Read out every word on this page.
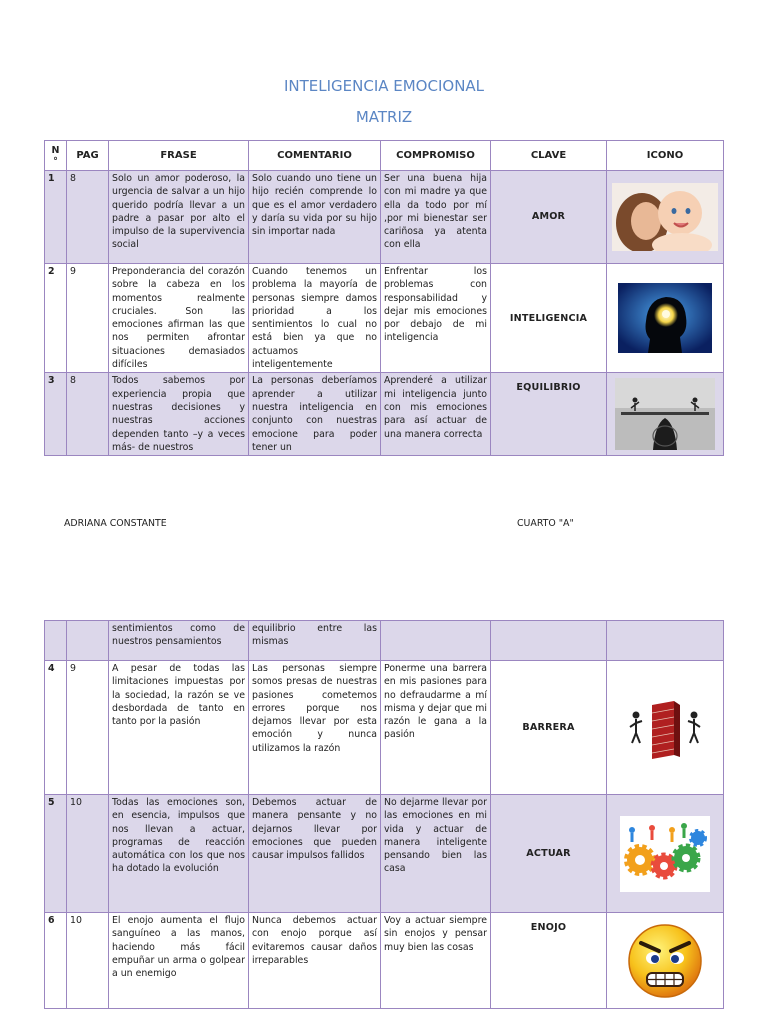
INTELIGENCIA EMOCIONAL
MATRIZ
N
°	PAG	FRASE	COMENTARIO	COMPROMISO	CLAVE	ICONO
1	8	Solo un amor poderoso, la urgencia de salvar a un hijo querido podría llevar a un padre a pasar por alto el impulso de la supervivencia social	Solo cuando uno tiene un hijo recién comprende lo que es el amor verdadero y daría su vida por su hijo sin importar nada	Ser una buena hija con mi madre ya que ella da todo por mí ,por mi bienestar ser cariñosa ya atenta con ella	AMOR	

2	9	Preponderancia del corazón sobre la cabeza en los momentos realmente cruciales. Son las emociones afirman las que nos permiten afrontar situaciones demasiados difíciles	Cuando tenemos un problema la mayoría de personas siempre damos prioridad a los sentimientos lo cual no está bien ya que no actuamos inteligentemente	Enfrentar los problemas con responsabilidad y dejar mis emociones por debajo de mi inteligencia	INTELIGENCIA	

3	8	Todos sabemos por experiencia propia que nuestras decisiones y nuestras acciones dependen tanto –y a veces más- de nuestros	La personas deberíamos aprender a utilizar nuestra inteligencia en conjunto con nuestras emocione para poder tener un	Aprenderé a utilizar mi inteligencia junto con mis emociones para así actuar de una manera correcta	EQUILIBRIO	
ADRIANA CONSTANTE	CUARTO "A"
		sentimientos como de nuestros pensamientos	equilibrio entre las mismas			
4	9	A pesar de todas las limitaciones impuestas por la sociedad, la razón se ve desbordada de tanto en tanto por la pasión	Las personas siempre somos presas de nuestras pasiones cometemos errores porque nos dejamos llevar por esta emoción y nunca utilizamos la razón	Ponerme una barrera en mis pasiones para no defraudarme a mí misma y dejar que mi razón le gana a la pasión	BARRERA	

5	10	Todas las emociones son, en esencia, impulsos que nos llevan a actuar, programas de reacción automática con los que nos ha dotado la evolución	Debemos actuar de manera pensante y no dejarnos llevar por emociones que pueden causar impulsos fallidos	No dejarme llevar por las emociones en mi vida y actuar de manera inteligente pensando bien las casa	ACTUAR	

6	10	El enojo aumenta el flujo sanguíneo a las manos, haciendo más fácil empuñar un arma o golpear a un enemigo	Nunca debemos actuar con enojo porque así evitaremos causar daños irreparables	Voy a actuar siempre sin enojos y pensar muy bien las cosas	ENOJO	
